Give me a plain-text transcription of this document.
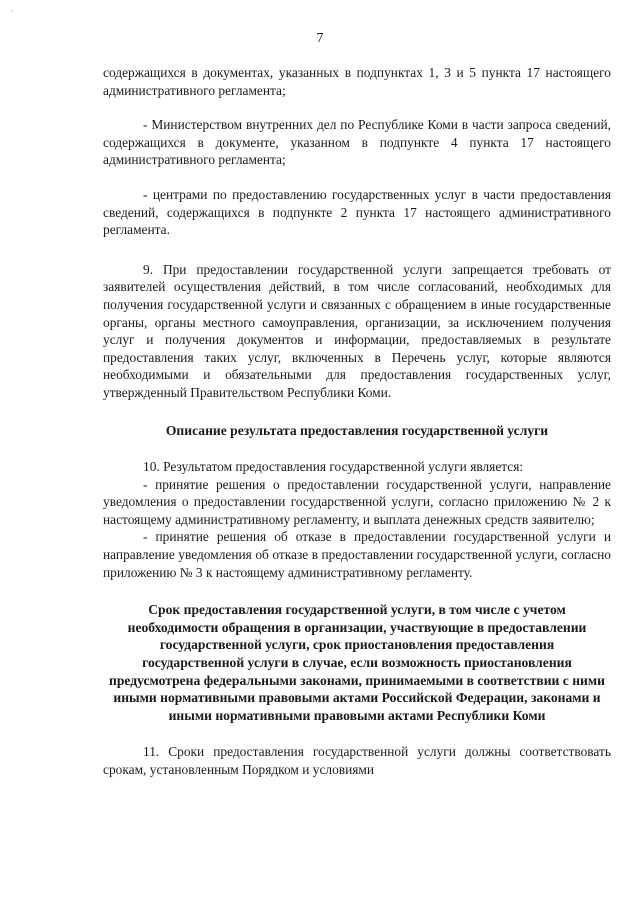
`
7

содержащихся в документах, указанных в подпунктах 1, 3 и 5 пункта 17 настоящего административного регламента;

- Министерством внутренних дел по Республике Коми в части запроса сведений, содержащихся в документе, указанном в подпункте 4 пункта 17 настоящего административного регламента;

- центрами по предоставлению государственных услуг в части предоставления сведений, содержащихся в подпункте 2 пункта 17 настоящего административного регламента.

9. При предоставлении государственной услуги запрещается требовать от заявителей осуществления действий, в том числе согласований, необходимых для получения государственной услуги и связанных с обращением в иные государственные органы, органы местного самоуправления, организации, за исключением получения услуг и получения документов и информации, предоставляемых в результате предоставления таких услуг, включенных в Перечень услуг, которые являются необходимыми и обязательными для предоставления государственных услуг, утвержденный Правительством Республики Коми.

Описание результата предоставления государственной услуги

10. Результатом предоставления государственной услуги является:

- принятие решения о предоставлении государственной услуги, направление уведомления о предоставлении государственной услуги, согласно приложению № 2 к настоящему административному регламенту, и выплата денежных средств заявителю;

- принятие решения об отказе в предоставлении государственной услуги и направление уведомления об отказе в предоставлении государственной услуги, согласно приложению № 3 к настоящему административному регламенту.

Срок предоставления государственной услуги, в том числе с учетом необходимости обращения в организации, участвующие в предоставлении государственной услуги, срок приостановления предоставления государственной услуги в случае, если возможность приостановления предусмотрена федеральными законами, принимаемыми в соответствии с ними иными нормативными правовыми актами Российской Федерации, законами и иными нормативными правовыми актами Республики Коми

11. Сроки предоставления государственной услуги должны соответствовать срокам, установленным Порядком и условиями
